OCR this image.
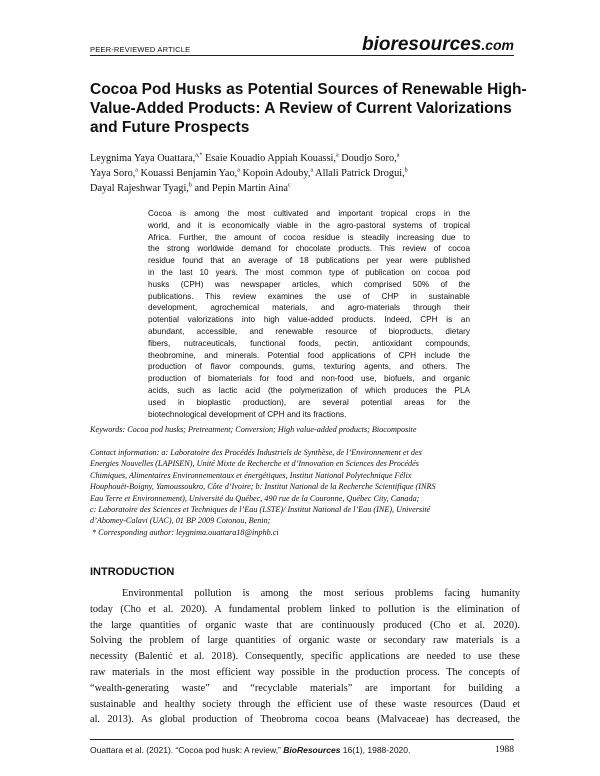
PEER-REVIEWED ARTICLE	bioresources.com
Cocoa Pod Husks as Potential Sources of Renewable High-Value-Added Products: A Review of Current Valorizations and Future Prospects
Leygnima Yaya Ouattara,$^{a,*}$ Esaie Kouadio Appiah Kouassi,$^a$ Doudjo Soro,$^a$
Yaya Soro,$^a$ Kouassi Benjamin Yao,$^a$ Kopoin Adouby,$^a$ Allali Patrick Drogui,$^b$
Dayal Rajeshwar Tyagi,$^b$ and Pepin Martin Aina$^c$
Cocoa is among the most cultivated and important tropical crops in the
world, and it is economically viable in the agro-pastoral systems of tropical
Africa. Further, the amount of cocoa residue is steadily increasing due to
the strong worldwide demand for chocolate products. This review of cocoa
residue found that an average of 18 publications per year were published
in the last 10 years. The most common type of publication on cocoa pod
husks (CPH) was newspaper articles, which comprised 50% of the
publications. This review examines the use of CHP in sustainable
development, agrochemical materials, and agro-materials through their
potential valorizations into high value-added products. Indeed, CPH is an
abundant, accessible, and renewable resource of bioproducts, dietary
fibers, nutraceuticals, functional foods, pectin, antioxidant compounds,
theobromine, and minerals. Potential food applications of CPH include the
production of flavor compounds, gums, texturing agents, and others. The
production of biomaterials for food and non-food use, biofuels, and organic
acids, such as lactic acid (the polymerization of which produces the PLA
used in bioplastic production), are several potential areas for the
biotechnological development of CPH and its fractions.
Keywords: Cocoa pod husks; Pretreatment; Conversion; High value-added products; Biocomposite
Contact information: a: Laboratoire des Procédés Industriels de Synthèse, de l’Environnement et des
Energies Nouvelles (LAPISEN), Unité Mixte de Recherche et d’Innovation en Sciences des Procédés
Chimiques, Alimentaires Environnementaux et énergétiques, Institut National Polytechnique Félix
Houphouët-Boigny, Yamoussoukro, Côte d’Ivoire; b: Institut National de la Recherche Scientifique (INRS
Eau Terre et Environnement), Université du Québec, 490 rue de la Couronne, Québec City, Canada;
c: Laboratoire des Sciences et Techniques de l’Eau (LSTE)/ Institut National de l’Eau (INE), Université
d’Abomey-Calavi (UAC), 01 BP 2009 Cotonou, Benin;
* Corresponding author: leygnima.ouattara18@inphb.ci
INTRODUCTION
Environmental pollution is among the most serious problems facing humanity
today (Cho et al. 2020). A fundamental problem linked to pollution is the elimination of
the large quantities of organic waste that are continuously produced (Cho et al. 2020).
Solving the problem of large quantities of organic waste or secondary raw materials is a
necessity (Balentić et al. 2018). Consequently, specific applications are needed to use these
raw materials in the most efficient way possible in the production process. The concepts of
“wealth-generating waste” and “recyclable materials” are important for building a
sustainable and healthy society through the efficient use of these waste resources (Daud et
al. 2013). As global production of Theobroma cocoa beans (Malvaceae) has decreased, the
Ouattara et al. (2021). “Cocoa pod husk: A review,” BioResources 16(1), 1988-2020.	1988
